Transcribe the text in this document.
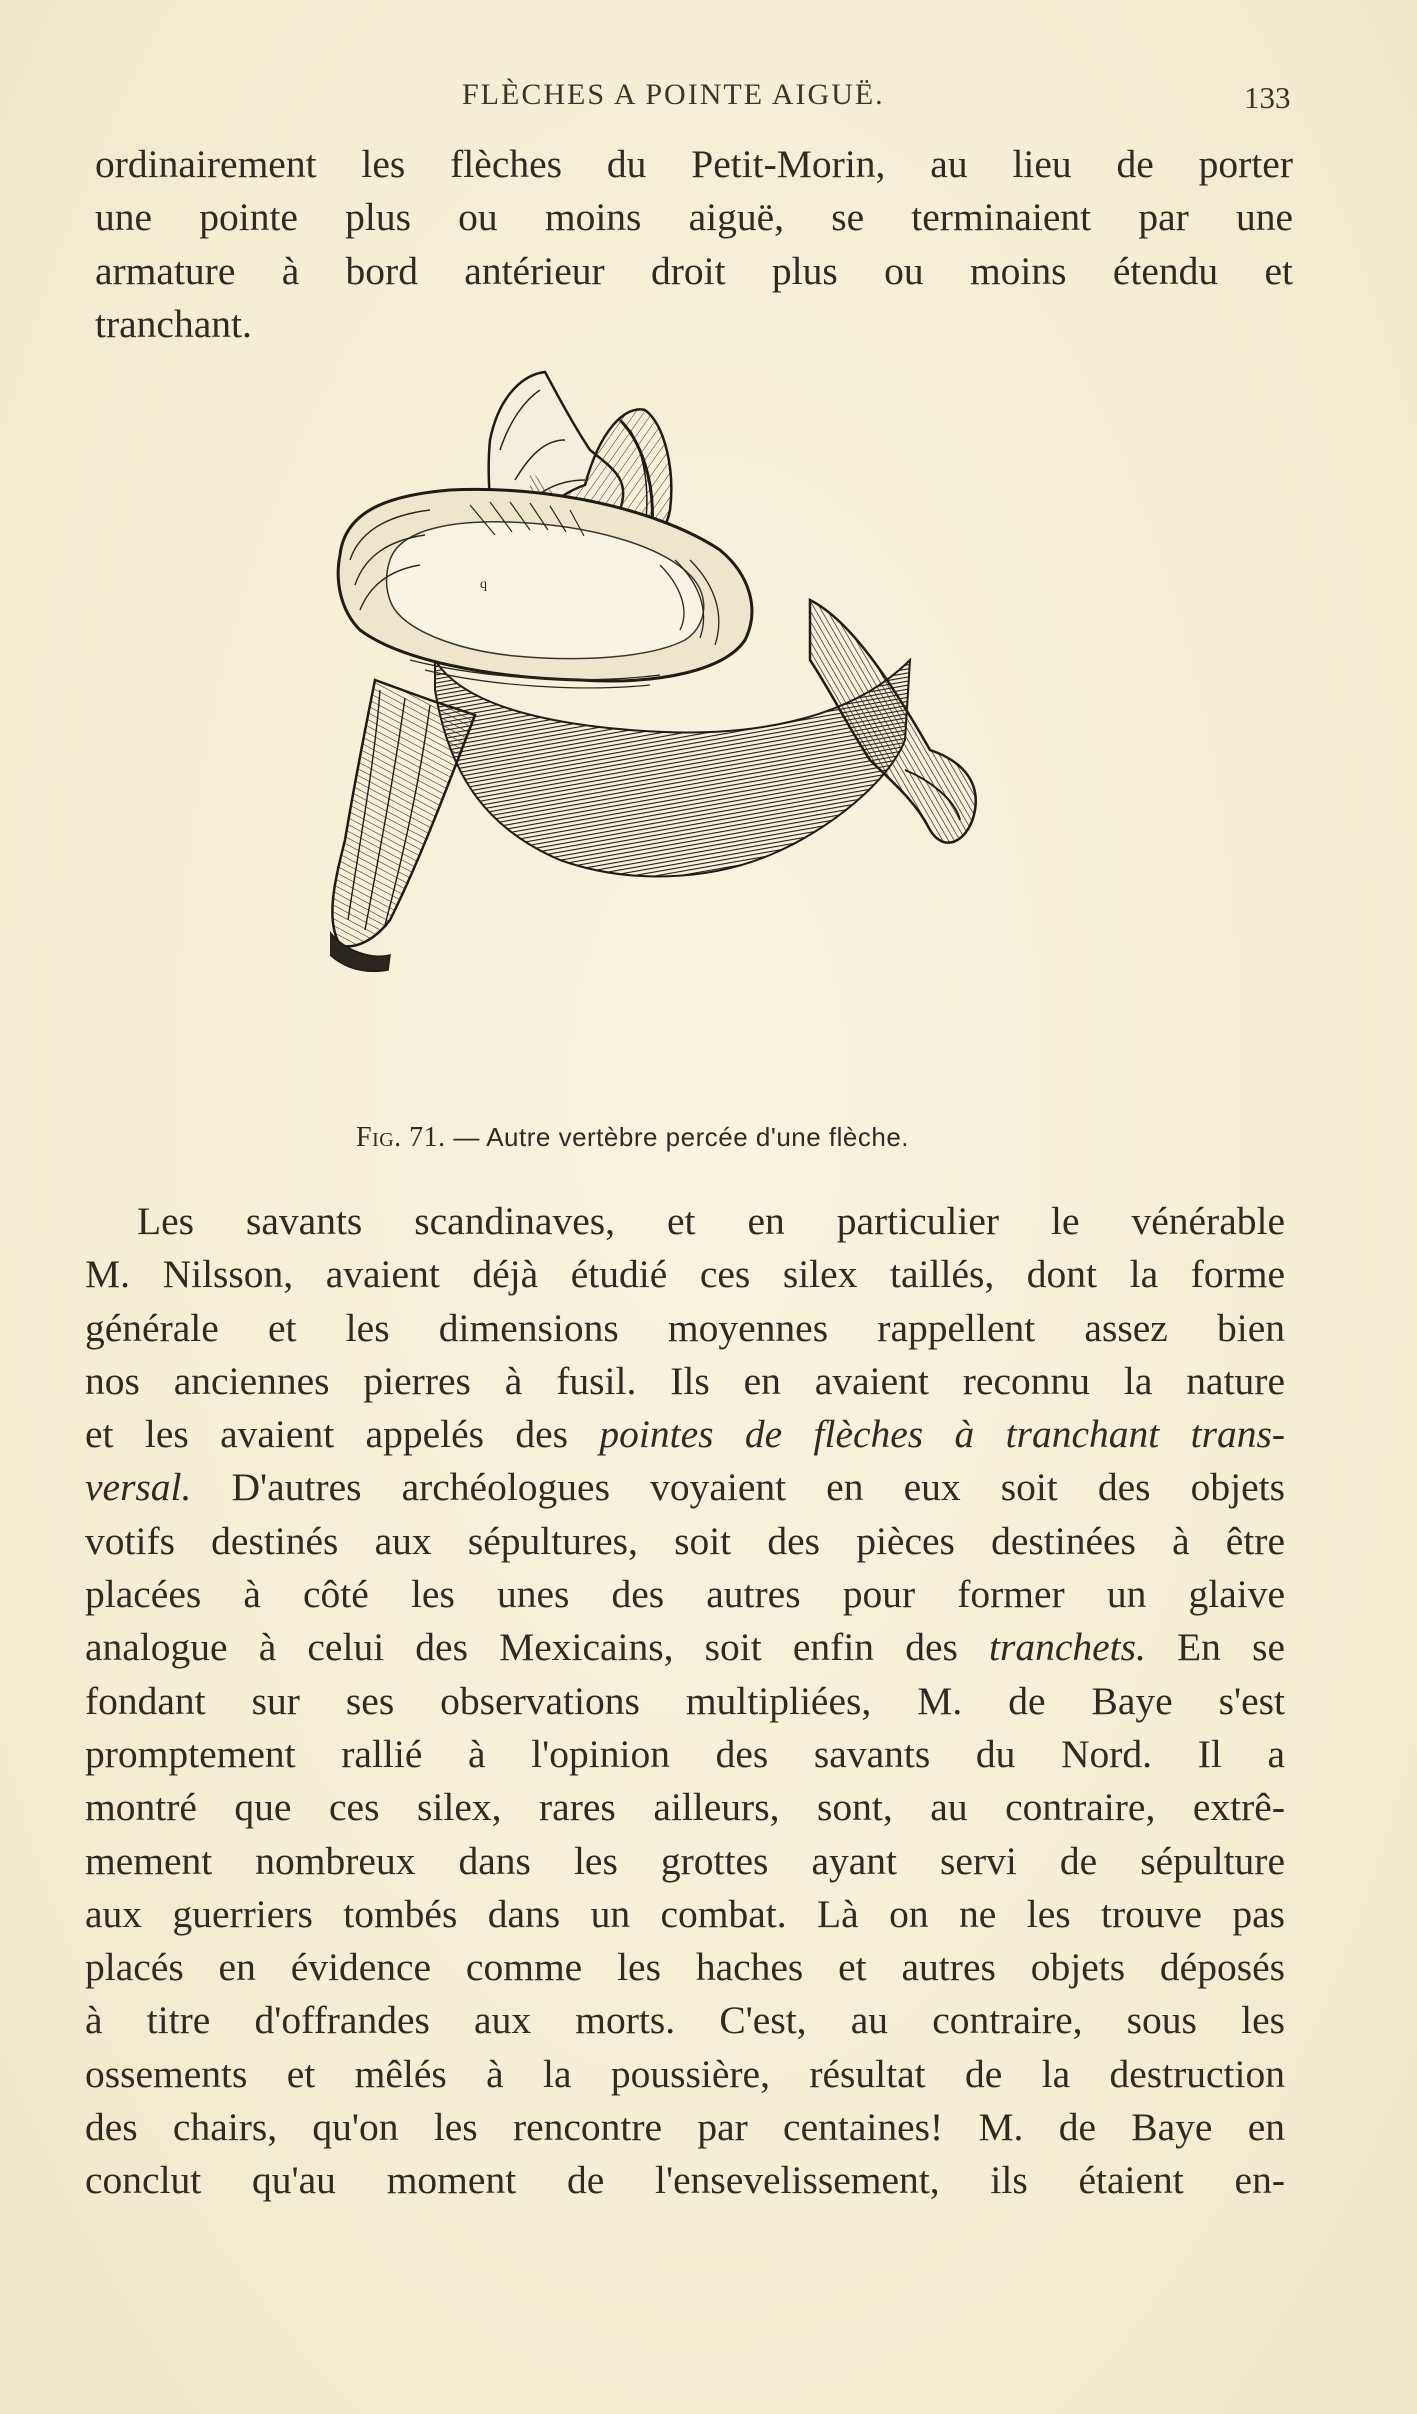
FLÈCHES A POINTE AIGUË.	133

ordinairement les flèches du Petit-Morin, au lieu de porter

une pointe plus ou moins aiguë, se terminaient par une

armature à bord antérieur droit plus ou moins étendu et

tranchant.

q
Fig. 71. — Autre vertèbre percée d'une flèche.

Les savants scandinaves, et en particulier le vénérable

M. Nilsson, avaient déjà étudié ces silex taillés, dont la forme

générale et les dimensions moyennes rappellent assez bien

nos anciennes pierres à fusil. Ils en avaient reconnu la nature

et les avaient appelés des pointes de flèches à tranchant trans-

versal. D'autres archéologues voyaient en eux soit des objets

votifs destinés aux sépultures, soit des pièces destinées à être

placées à côté les unes des autres pour former un glaive

analogue à celui des Mexicains, soit enfin des tranchets. En se

fondant sur ses observations multipliées, M. de Baye s'est

promptement rallié à l'opinion des savants du Nord. Il a

montré que ces silex, rares ailleurs, sont, au contraire, extrê-

mement nombreux dans les grottes ayant servi de sépulture

aux guerriers tombés dans un combat. Là on ne les trouve pas

placés en évidence comme les haches et autres objets déposés

à titre d'offrandes aux morts. C'est, au contraire, sous les

ossements et mêlés à la poussière, résultat de la destruction

des chairs, qu'on les rencontre par centaines! M. de Baye en

conclut qu'au moment de l'ensevelissement, ils étaient en-
